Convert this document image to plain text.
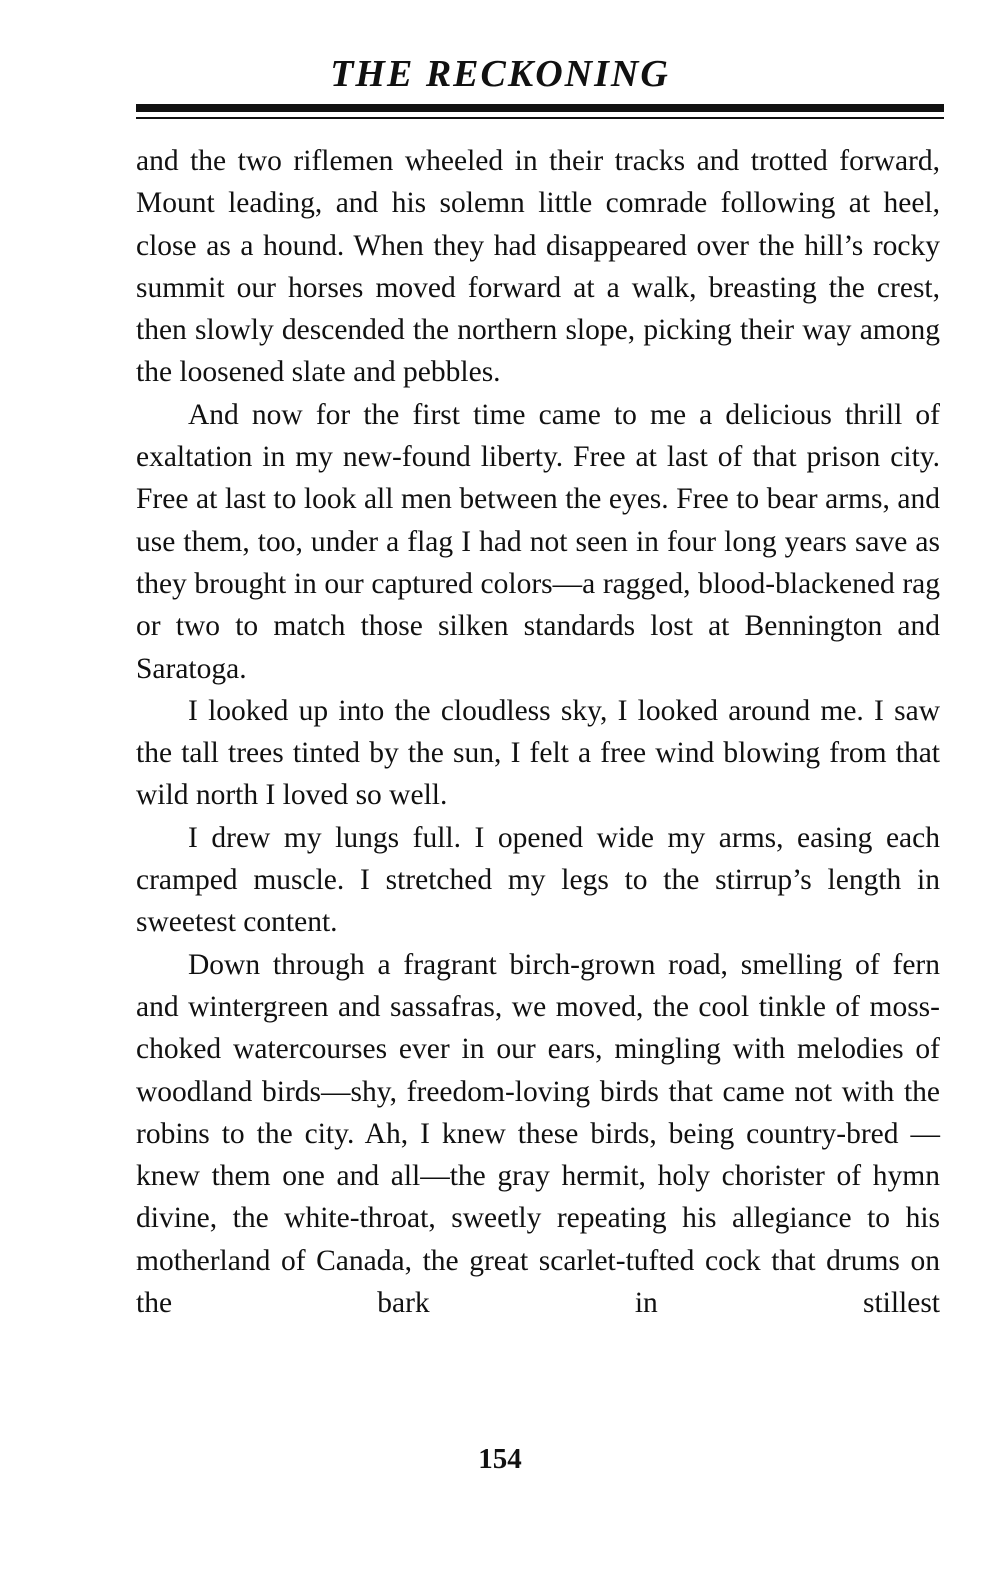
THE RECKONING

and the two riflemen wheeled in their tracks and trotted forward, Mount leading, and his solemn little comrade following at heel, close as a hound. When they had disappeared over the hill’s rocky summit our horses moved forward at a walk, breasting the crest, then slowly descended the northern slope, picking their way among the loosened slate and pebbles.

And now for the first time came to me a delicious thrill of exaltation in my new-found liberty. Free at last of that prison city. Free at last to look all men between the eyes. Free to bear arms, and use them, too, under a flag I had not seen in four long years save as they brought in our captured colors—a ragged, blood-blackened rag or two to match those silken standards lost at Bennington and Saratoga.

I looked up into the cloudless sky, I looked around me. I saw the tall trees tinted by the sun, I felt a free wind blowing from that wild north I loved so well.

I drew my lungs full. I opened wide my arms, easing each cramped muscle. I stretched my legs to the stirrup’s length in sweetest content.

Down through a fragrant birch-grown road, smelling of fern and wintergreen and sassafras, we moved, the cool tinkle of moss-choked watercourses ever in our ears, mingling with melodies of woodland birds—shy, freedom-loving birds that came not with the robins to the city. Ah, I knew these birds, being country-bred —knew them one and all—the gray hermit, holy chorister of hymn divine, the white-throat, sweetly repeating his allegiance to his motherland of Canada, the great scarlet-tufted cock that drums on the bark in stillest

154
